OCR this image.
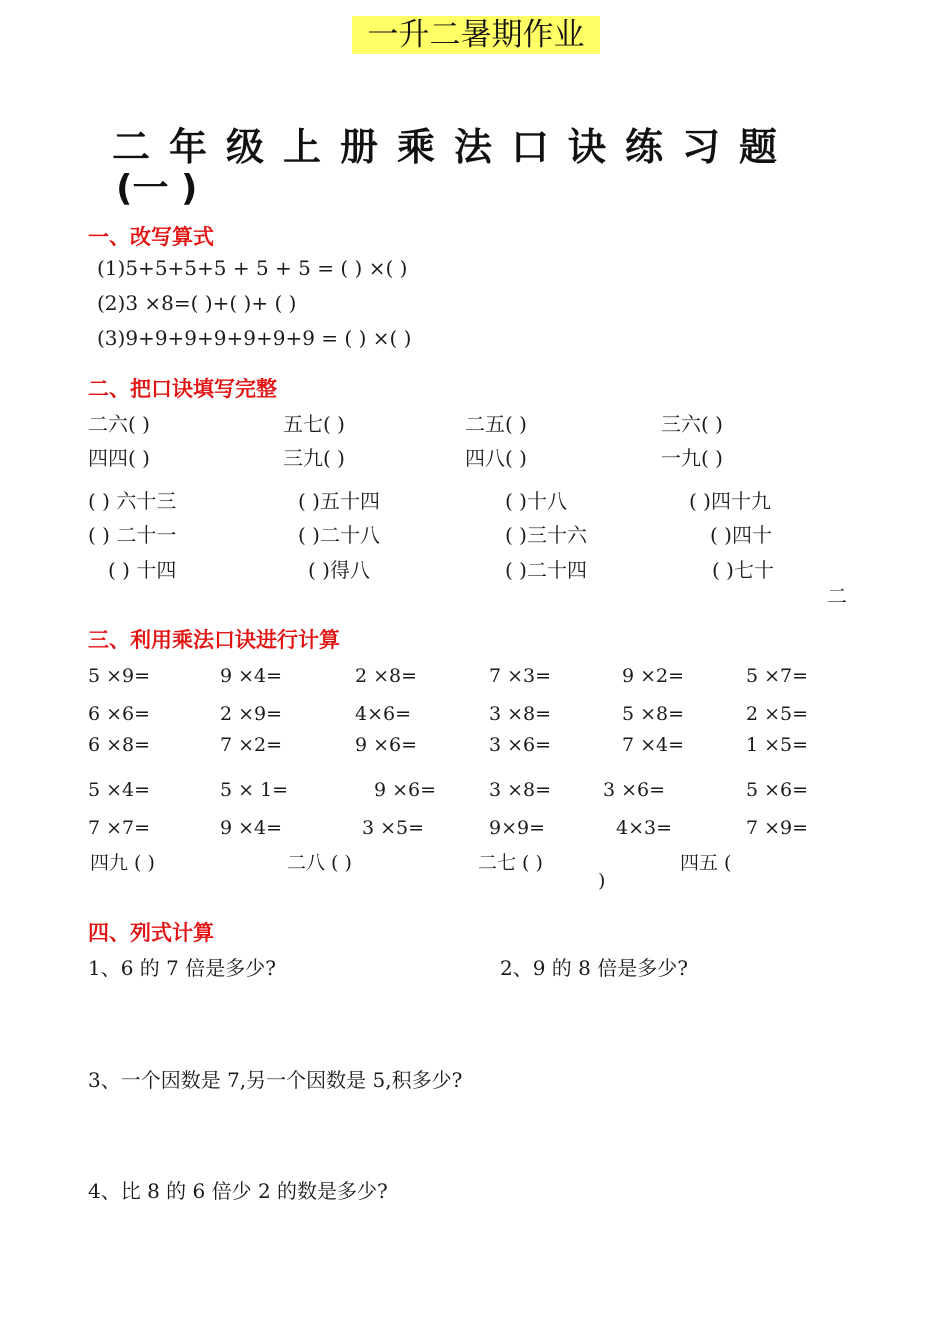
一升二暑期作业
二年级上册乘法口诀练习题
(一 )
一、改写算式
(1)5+5+5+5 + 5 + 5 = ( ) ×( )
(2)3 ×8=( )+( )+ ( )
(3)9+9+9+9+9+9+9 = ( ) ×( )
二、把口诀填写完整
二六( )	五七( )	二五( )	三六( )
四四( )	三九( )	四八( )	一九( )
( ) 六十三	( )五十四	( )十八	( )四十九
( ) 二十一	( )二十八	( )三十六	( )四十
( ) 十四	( )得八	( )二十四	( )七十
二
三、利用乘法口诀进行计算
5 ×9=	9 ×4=	2 ×8=	7 ×3=	9 ×2=	5 ×7=
6 ×6=	2 ×9=	4×6=	3 ×8=	5 ×8=	2 ×5=
6 ×8=	7 ×2=	9 ×6=	3 ×6=	7 ×4=	1 ×5=
5 ×4=	5 × 1=	9 ×6=	3 ×8=	3 ×6=	5 ×6=
7 ×7=	9 ×4=	3 ×5=	9×9=	4×3=	7 ×9=
四九 ( )	二八 ( )	二七 ( )	四五 (
)
四、列式计算
1、6 的 7 倍是多少?	2、9 的 8 倍是多少?
3、一个因数是 7,另一个因数是 5,积多少?
4、比 8 的 6 倍少 2 的数是多少?
